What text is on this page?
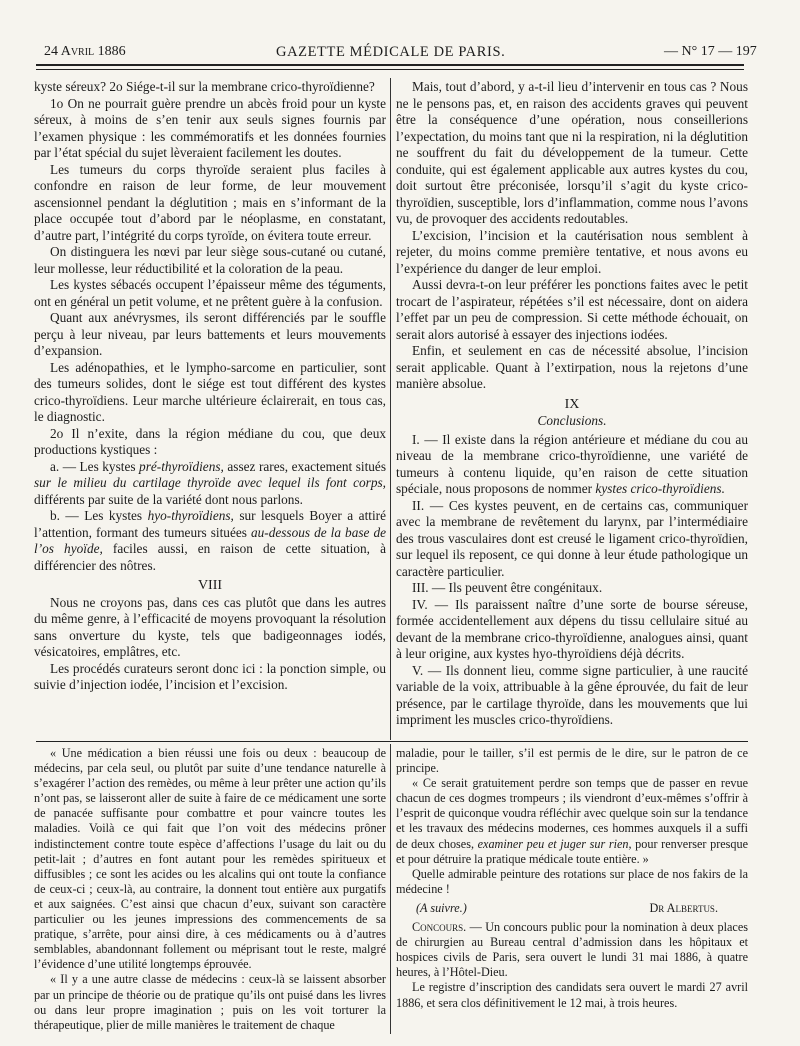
24 Avril 1886	GAZETTE MÉDICALE DE PARIS.	— N° 17 — 197

kyste séreux? 2o Siége-t-il sur la membrane crico-thyroïdienne?

1o On ne pourrait guère prendre un abcès froid pour un kyste séreux, à moins de s’en tenir aux seuls signes fournis par l’examen physique : les commémoratifs et les données fournies par l’état spécial du sujet lèveraient facilement les doutes.

Les tumeurs du corps thyroïde seraient plus faciles à confondre en raison de leur forme, de leur mouvement ascensionnel pendant la déglutition ; mais en s’informant de la place occupée tout d’abord par le néoplasme, en constatant, d’autre part, l’intégrité du corps tyroïde, on évitera toute erreur.

On distinguera les nœvi par leur siège sous-cutané ou cutané, leur mollesse, leur réductibilité et la coloration de la peau.

Les kystes sébacés occupent l’épaisseur même des téguments, ont en général un petit volume, et ne prêtent guère à la confusion.

Quant aux anévrysmes, ils seront différenciés par le souffle perçu à leur niveau, par leurs battements et leurs mouvements d’expansion.

Les adénopathies, et le lympho-sarcome en particulier, sont des tumeurs solides, dont le siége est tout différent des kystes crico-thyroïdiens. Leur marche ultérieure éclairerait, en tous cas, le diagnostic.

2o Il n’exite, dans la région médiane du cou, que deux productions kystiques :

a. — Les kystes pré-thyroïdiens, assez rares, exactement situés sur le milieu du cartilage thyroïde avec lequel ils font corps, différents par suite de la variété dont nous parlons.

b. — Les kystes hyo-thyroïdiens, sur lesquels Boyer a attiré l’attention, formant des tumeurs situées au-dessous de la base de l’os hyoïde, faciles aussi, en raison de cette situation, à différencier des nôtres.

VIII

Nous ne croyons pas, dans ces cas plutôt que dans les autres du même genre, à l’efficacité de moyens provoquant la résolution sans onverture du kyste, tels que badigeonnages iodés, vésicatoires, emplâtres, etc.

Les procédés curateurs seront donc ici : la ponction simple, ou suivie d’injection iodée, l’incision et l’excision.

Mais, tout d’abord, y a-t-il lieu d’intervenir en tous cas ? Nous ne le pensons pas, et, en raison des accidents graves qui peuvent être la conséquence d’une opération, nous conseillerions l’expectation, du moins tant que ni la respiration, ni la déglutition ne souffrent du fait du développement de la tumeur. Cette conduite, qui est également applicable aux autres kystes du cou, doit surtout être préconisée, lorsqu’il s’agit du kyste crico-thyroïdien, susceptible, lors d’inflammation, comme nous l’avons vu, de provoquer des accidents redoutables.

L’excision, l’incision et la cautérisation nous semblent à rejeter, du moins comme première tentative, et nous avons eu l’expérience du danger de leur emploi.

Aussi devra-t-on leur préférer les ponctions faites avec le petit trocart de l’aspirateur, répétées s’il est nécessaire, dont on aidera l’effet par un peu de compression. Si cette méthode échouait, on serait alors autorisé à essayer des injections iodées.

Enfin, et seulement en cas de nécessité absolue, l’incision serait applicable. Quant à l’extirpation, nous la rejetons d’une manière absolue.

IX
Conclusions.

I. — Il existe dans la région antérieure et médiane du cou au niveau de la membrane crico-thyroïdienne, une variété de tumeurs à contenu liquide, qu’en raison de cette situation spéciale, nous proposons de nommer kystes crico-thyroïdiens.

II. — Ces kystes peuvent, en de certains cas, communiquer avec la membrane de revêtement du larynx, par l’intermédiaire des trous vasculaires dont est creusé le ligament crico-thyroïdien, sur lequel ils reposent, ce qui donne à leur étude pathologique un caractère particulier.

III. — Ils peuvent être congénitaux.

IV. — Ils paraissent naître d’une sorte de bourse séreuse, formée accidentellement aux dépens du tissu cellulaire situé au devant de la membrane crico-thyroïdienne, analogues ainsi, quant à leur origine, aux kystes hyo-thyroïdiens déjà décrits.

V. — Ils donnent lieu, comme signe particulier, à une raucité variable de la voix, attribuable à la gêne éprouvée, du fait de leur présence, par le cartilage thyroïde, dans les mouvements que lui impriment les muscles crico-thyroïdiens.

« Une médication a bien réussi une fois ou deux : beaucoup de médecins, par cela seul, ou plutôt par suite d’une tendance naturelle à s’exagérer l’action des remèdes, ou même à leur prêter une action qu’ils n’ont pas, se laisseront aller de suite à faire de ce médicament une sorte de panacée suffisante pour combattre et pour vaincre toutes les maladies. Voilà ce qui fait que l’on voit des médecins prôner indistinctement contre toute espèce d’affections l’usage du lait ou du petit-lait ; d’autres en font autant pour les remèdes spiritueux et diffusibles ; ce sont les acides ou les alcalins qui ont toute la confiance de ceux-ci ; ceux-là, au contraire, la donnent tout entière aux purgatifs et aux saignées. C’est ainsi que chacun d’eux, suivant son caractère particulier ou les jeunes impressions des commencements de sa pratique, s’arrête, pour ainsi dire, à ces médicaments ou à d’autres semblables, abandonnant follement ou méprisant tout le reste, malgré l’évidence d’une utilité longtemps éprouvée.

« Il y a une autre classe de médecins : ceux-là se laissent absorber par un principe de théorie ou de pratique qu’ils ont puisé dans les livres ou dans leur propre imagination ; puis on les voit torturer la thérapeutique, plier de mille manières le traitement de chaque

maladie, pour le tailler, s’il est permis de le dire, sur le patron de ce principe.

« Ce serait gratuitement perdre son temps que de passer en revue chacun de ces dogmes trompeurs ; ils viendront d’eux-mêmes s’offrir à l’esprit de quiconque voudra réfléchir avec quelque soin sur la tendance et les travaux des médecins modernes, ces hommes auxquels il a suffi de deux choses, examiner peu et juger sur rien, pour renverser presque et pour détruire la pratique médicale toute entière. »

Quelle admirable peinture des rotations sur place de nos fakirs de la médecine !

(A suivre.)	Dr Albertus.

Concours. — Un concours public pour la nomination à deux places de chirurgien au Bureau central d’admission dans les hôpitaux et hospices civils de Paris, sera ouvert le lundi 31 mai 1886, à quatre heures, à l’Hôtel-Dieu.

Le registre d’inscription des candidats sera ouvert le mardi 27 avril 1886, et sera clos définitivement le 12 mai, à trois heures.
